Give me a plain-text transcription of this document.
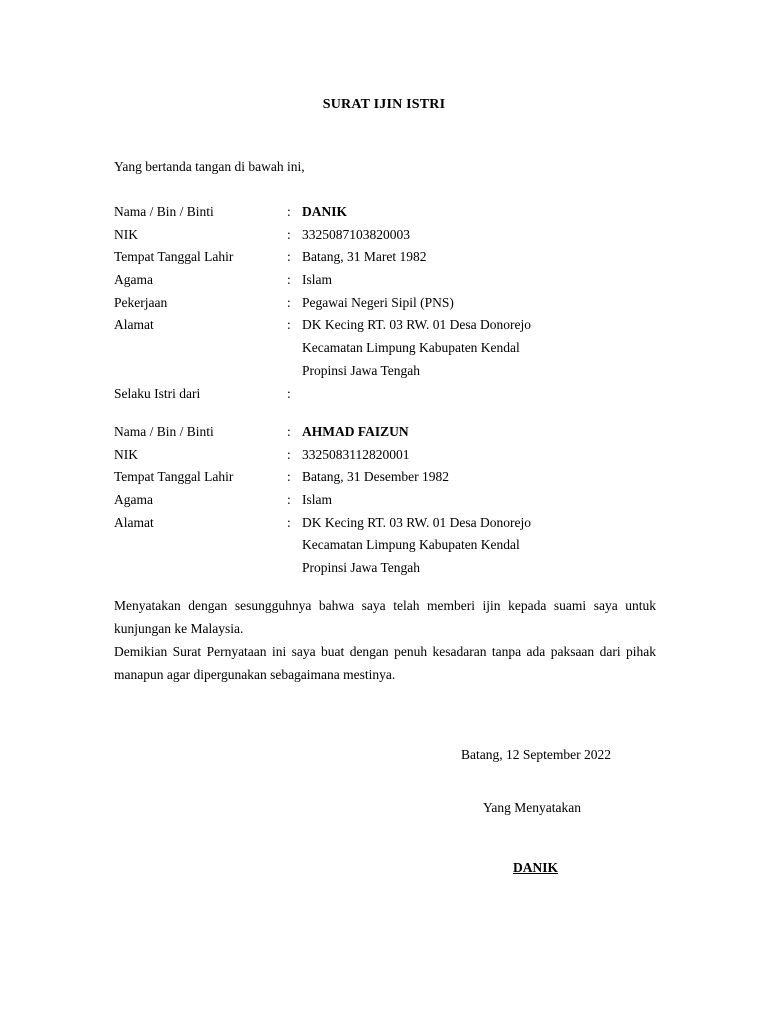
SURAT IJIN ISTRI
Yang bertanda tangan di bawah ini,
Nama / Bin / Binti	: DANIK
NIK	: 3325087103820003
Tempat Tanggal Lahir	: Batang, 31 Maret 1982
Agama	: Islam
Pekerjaan	: Pegawai Negeri Sipil (PNS)
Alamat	: DK Kecing RT. 03 RW. 01 Desa Donorejo
Kecamatan Limpung Kabupaten Kendal
Propinsi Jawa Tengah
Selaku Istri dari	:
Nama / Bin / Binti	: AHMAD FAIZUN
NIK	: 3325083112820001
Tempat Tanggal Lahir	: Batang, 31 Desember 1982
Agama	: Islam
Alamat	: DK Kecing RT. 03 RW. 01 Desa Donorejo
Kecamatan Limpung Kabupaten Kendal
Propinsi Jawa Tengah

Menyatakan dengan sesungguhnya bahwa saya telah memberi ijin kepada suami saya untuk kunjungan ke Malaysia.

Demikian Surat Pernyataan ini saya buat dengan penuh kesadaran tanpa ada paksaan dari pihak manapun agar dipergunakan sebagaimana mestinya.

Batang, 12 September 2022
Yang Menyatakan
DANIK
